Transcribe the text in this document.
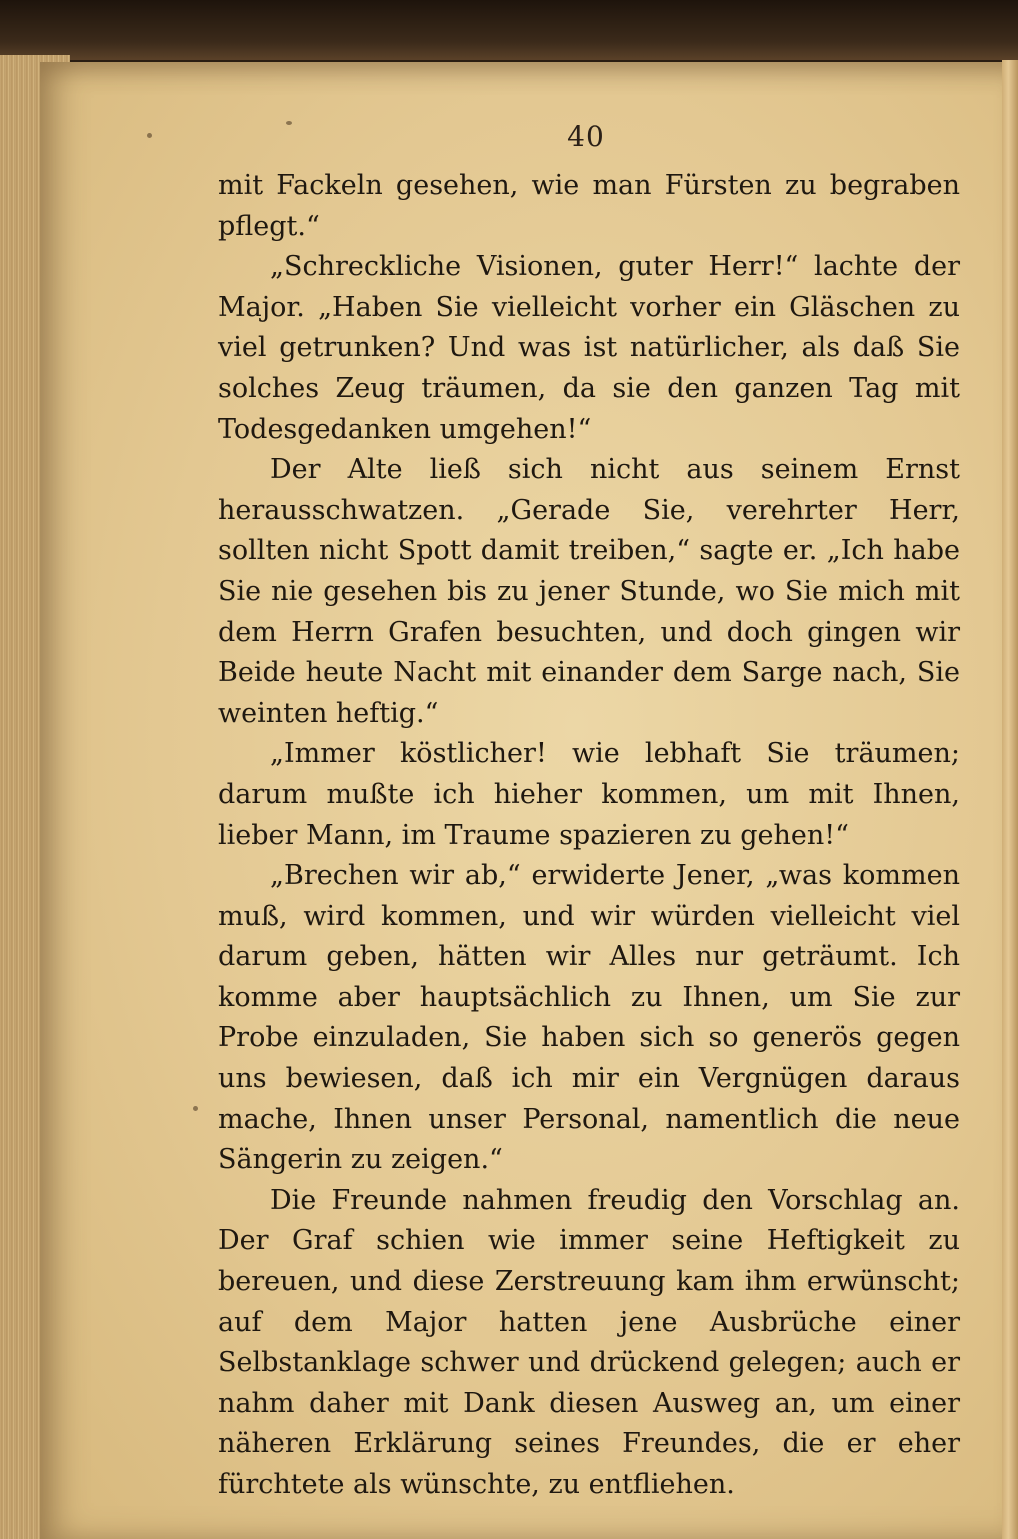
40

mit Fackeln gesehen, wie man Fürsten zu begraben pflegt.“

„Schreckliche Visionen, guter Herr!“ lachte der Major. „Haben Sie vielleicht vorher ein Gläschen zu viel getrunken? Und was ist natürlicher, als daß Sie solches Zeug träumen, da sie den ganzen Tag mit Todesgedanken umgehen!“

Der Alte ließ sich nicht aus seinem Ernst herausschwatzen. „Gerade Sie, verehrter Herr, sollten nicht Spott damit treiben,“ sagte er. „Ich habe Sie nie gesehen bis zu jener Stunde, wo Sie mich mit dem Herrn Grafen besuchten, und doch gingen wir Beide heute Nacht mit einander dem Sarge nach, Sie weinten heftig.“

„Immer köstlicher! wie lebhaft Sie träumen; darum mußte ich hieher kommen, um mit Ihnen, lieber Mann, im Traume spazieren zu gehen!“

„Brechen wir ab,“ erwiderte Jener, „was kommen muß, wird kommen, und wir würden vielleicht viel darum geben, hätten wir Alles nur geträumt. Ich komme aber hauptsächlich zu Ihnen, um Sie zur Probe einzuladen, Sie haben sich so generös gegen uns bewiesen, daß ich mir ein Vergnügen daraus mache, Ihnen unser Personal, namentlich die neue Sängerin zu zeigen.“

Die Freunde nahmen freudig den Vorschlag an. Der Graf schien wie immer seine Heftigkeit zu bereuen, und diese Zerstreuung kam ihm erwünscht; auf dem Major hatten jene Ausbrüche einer Selbstanklage schwer und drückend gelegen; auch er nahm daher mit Dank diesen Ausweg an, um einer näheren Erklärung seines Freundes, die er eher fürchtete als wünschte, zu entfliehen.
